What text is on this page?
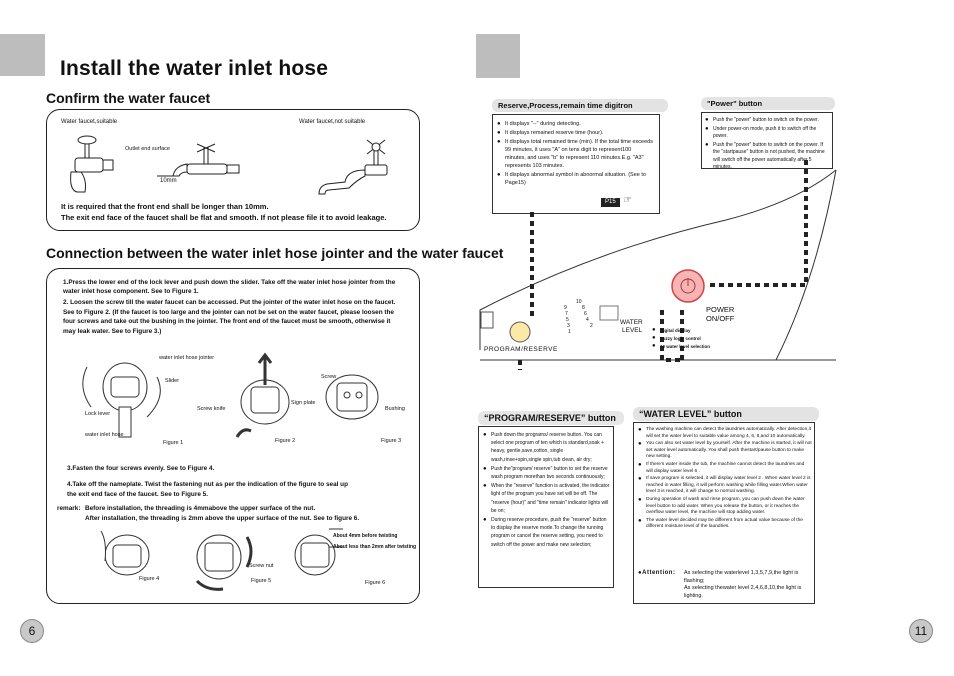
Install the water inlet hose
Confirm the water faucet
Water faucet,suitable	Water faucet,not suitable
Outlet end surface
10mm
It is required that the front end shall be longer than 10mm.
The exit end face of the faucet shall be flat and smooth. If not please file it to avoid leakage.
Connection between the water inlet hose jointer and the water faucet
1.Press the lower end of the lock lever and push down the slider. Take off the water inlet hose jointer from the water inlet hose component. See to Figure 1.
2. Loosen the screw till the water faucet can be accessed. Put the jointer of the water inlet hose on the faucet. See to Figure 2. (If the faucet is too large and the jointer can not be set on the water faucet, please loosen the four screws and take out the bushing in the jointer. The front end of the faucet must be smooth, otherwise it may leak water. See to Figure 3.)
water inlet hose jointer
Slider
Lock lever
water inlet hose
Screw knife
Sign plate
Screw
Bushing
Figure 1	Figure 2	Figure 3
3.Fasten the four screws evenly. See to Figure 4.
4.Take off the nameplate. Twist the fastening nut as per the indication of the figure to seal up the exit end face of the faucet. See to Figure 5.
remark: Before installation, the threading is 4mmabove the upper surface of the nut.
After installation, the threading is 2mm above the upper surface of the nut. See to figure 6.
About 4mm before twisting
About less than 2mm after twisting
Screw nut
Figure 4	Figure 5	Figure 6
6
Reserve,Process,remain time digitron
● It displays "--" during detecting.
● It displays remained reserve time (hour).
● It displays total remained time (min). If the total time exceeds 99 minutes, it uses "A" on tens digit to represent100 minutes, and uses "b" to represent 110 minutes.E.g. "A3" represents 103 minutes.
● It displays abnormal symbol in abnormal situation. (See to Page15)
P15 ☞
"Power" button
● Push the "power" button to switch on the power.
● Under power-on mode, push it to switch off the power.
● Push the "power" button to switch on the power. If the "startpause" button is not pushed, the machine will switch off the power automatically after 5 minutes.
PROGRAM/RESERVE
WATER
LEVEL
POWER
ON/OFF
10
9	8
7	6
5	4
3	2
1	● Digital display
● Fuzzy logic control
● 10 water level selection
“PROGRAM/RESERVE” button
● Push down the programs/ reserve button. You can select one program of ten which is standard,soak + heavy, gentle,save,cotton, single wash,rinse+spin,single spin,tub clean, air dry;
● Push the"program/ reserve" button to set the reserve wash program morethan two seconds continuously;
● When the "reserve" function is activated, the indicator light of the program you have set will be off. The "reserve (hour)" and "time remain" indicator lights will be on;
● During reserve procedure, push the "reserve" button to display the reserve mode.To change the running program or cancel the reserve setting, you need to switch off the power and make new selection;
“WATER LEVEL” button
● The washing machine can detect the laundries automatically. After detection,it will set the water level to suitable value among 4, 6, 8,and 10 automatically.
● You can also set water level by yourself. After the machine is started, it will not set water level automatically. You shall push thestart/pause button to make new setting.
● If there's water inside the tub, the machine cannot detect the laundries and will display water level 6 .
● If save program is selected, it will display water level 2 . When water level 2 is reached in water filling, it will perform washing while filling water.When water level 3 is reached, it will change to normal washing.
● During operation of wash and rinse program, you can push down the water level button to add water. When you release the button, or it reaches the overflow water level, the machine will stop adding water.
● The water level decided may be different from actual value because of the different moisture level of the laundries.
●Attention: As selecting the waterlevel 1,3,5,7,9,the light is flashing;
As selecting thewater level 2,4,6,8,10,the light is lighting.
11
